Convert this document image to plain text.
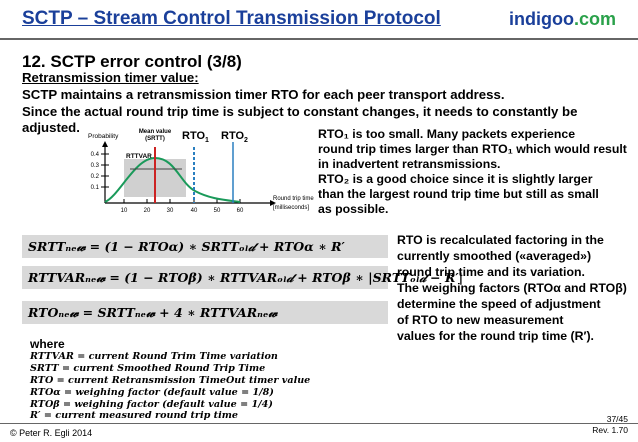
SCTP – Stream Control Transmission Protocol	indigoo.com
12. SCTP error control (3/8)
Retransmission timer value:
SCTP maintains a retransmission timer RTO for each peer transport address.
Since the actual round trip time is subject to constant changes, it needs to constantly be
adjusted.
Probability
Mean value
(SRTT) $RTO_1$ $RTO_2$
RTTVAR
0.4
0.3
0.2
0.1
10	20	30	40	50	60
Round trip time
[milliseconds]
RTO₁ is too small. Many packets experience
round trip times larger than RTO₁ which would result
in inadvertent retransmissions.
RTO₂ is a good choice since it is slightly larger
than the largest round trip time but still as small
as possible.
SRTTₙₑ𝓌 = (1 − RTOα) ∗ SRTTₒₗ𝒹 + RTOα ∗ R′
RTTVARₙₑ𝓌 = (1 − RTOβ) ∗ RTTVARₒₗ𝒹 + RTOβ ∗ |SRTTₒₗ𝒹 − R′|
RTOₙₑ𝓌 = SRTTₙₑ𝓌 + 4 ∗ RTTVARₙₑ𝓌
RTO is recalculated factoring in the
currently smoothed («averaged»)
round trip time and its variation.
The weighing factors (RTOα and RTOβ)
determine the speed of adjustment
of RTO to new measurement
values for the round trip time (R′).
where
RTTVAR = current Round Trim Time variation
SRTT = current Smoothed Round Trip Time
RTO = current Retransmission TimeOut timer value
RTOα = weighing factor (default value = 1/8)
RTOβ = weighing factor (default value = 1/4)
R′ = current measured round trip time
© Peter R. Egli 2014
37/45
Rev. 1.70
